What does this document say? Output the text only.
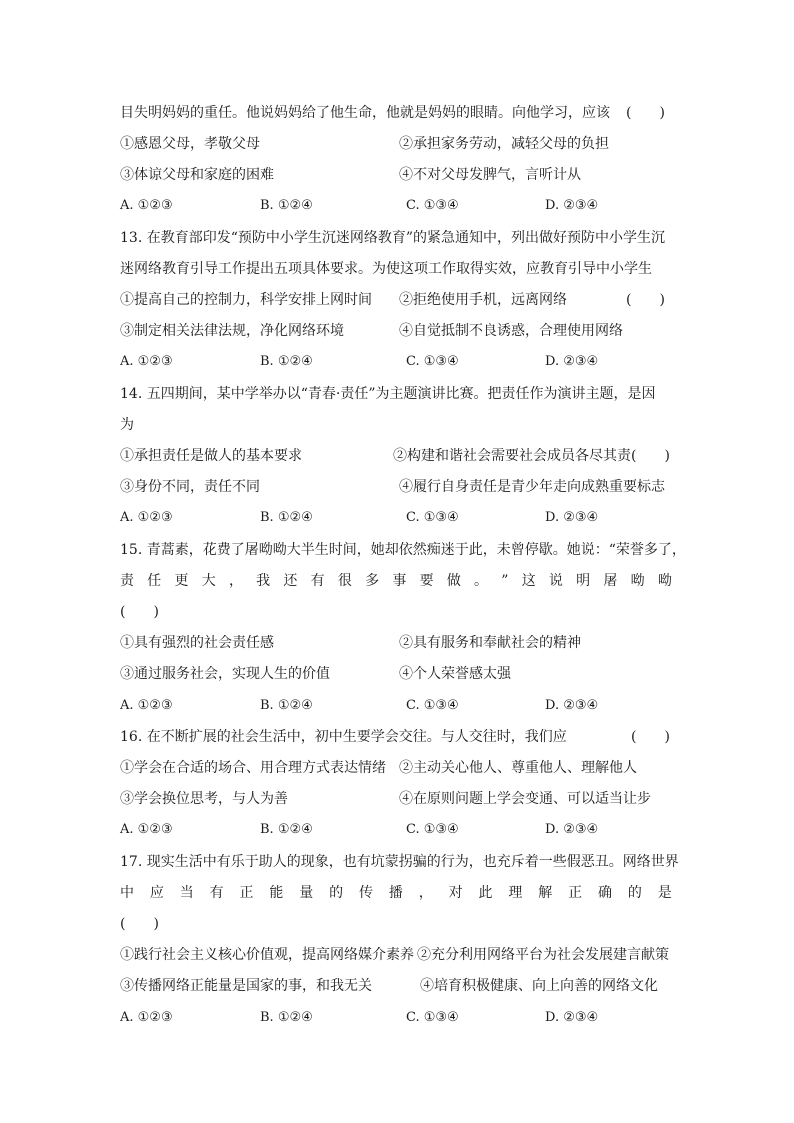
目失明妈妈的重任。他说妈妈给了他生命，他就是妈妈的眼睛。向他学习，应该 (　　)
①感恩父母，孝敬父母	②承担家务劳动，减轻父母的负担
③体谅父母和家庭的困难	④不对父母发脾气，言听计从
A. ①②③	B. ①②④	C. ①③④	D. ②③④
13. 在教育部印发“预防中小学生沉迷网络教育”的紧急通知中，列出做好预防中小学生沉
迷网络教育引导工作提出五项具体要求。为使这项工作取得实效，应教育引导中小学生
①提高自己的控制力，科学安排上网时间 ②拒绝使用手机，远离网络	(　　)
③制定相关法律法规，净化网络环境	④自觉抵制不良诱惑，合理使用网络
A. ①②③	B. ①②④	C. ①③④	D. ②③④
14. 五四期间，某中学举办以“青春·责任”为主题演讲比赛。把责任作为演讲主题，是因
为
①承担责任是做人的基本要求	②构建和谐社会需要社会成员各尽其责 (　　)
③身份不同，责任不同	④履行自身责任是青少年走向成熟重要标志
A. ①②③	B. ①②④	C. ①③④	D. ②③④
15. 青蒿素，花费了屠呦呦大半生时间，她却依然痴迷于此，未曾停歇。她说：“荣誉多了，
责 任 更 大 ， 我 还 有 很 多 事 要 做 。 ” 这 说 明 屠 呦 呦
(　　)
①具有强烈的社会责任感	②具有服务和奉献社会的精神
③通过服务社会，实现人生的价值	④个人荣誉感太强
A. ①②③	B. ①②④	C. ①③④	D. ②③④
16. 在不断扩展的社会生活中，初中生要学会交往。与人交往时，我们应	(　　)
①学会在合适的场合、用合理方式表达情绪 ②主动关心他人、尊重他人、理解他人
③学会换位思考，与人为善	④在原则问题上学会变通、可以适当让步
A. ①②③	B. ①②④	C. ①③④	D. ②③④
17. 现实生活中有乐于助人的现象，也有坑蒙拐骗的行为，也充斥着一些假恶丑。网络世界
中 应 当 有 正 能 量 的 传 播 ， 对 此 理 解 正 确 的 是
(　　)
①践行社会主义核心价值观，提高网络媒介素养 ②充分利用网络平台为社会发展建言献策
③传播网络正能量是国家的事，和我无关	④培育积极健康、向上向善的网络文化
A. ①②③	B. ①②④	C. ①③④	D. ②③④
